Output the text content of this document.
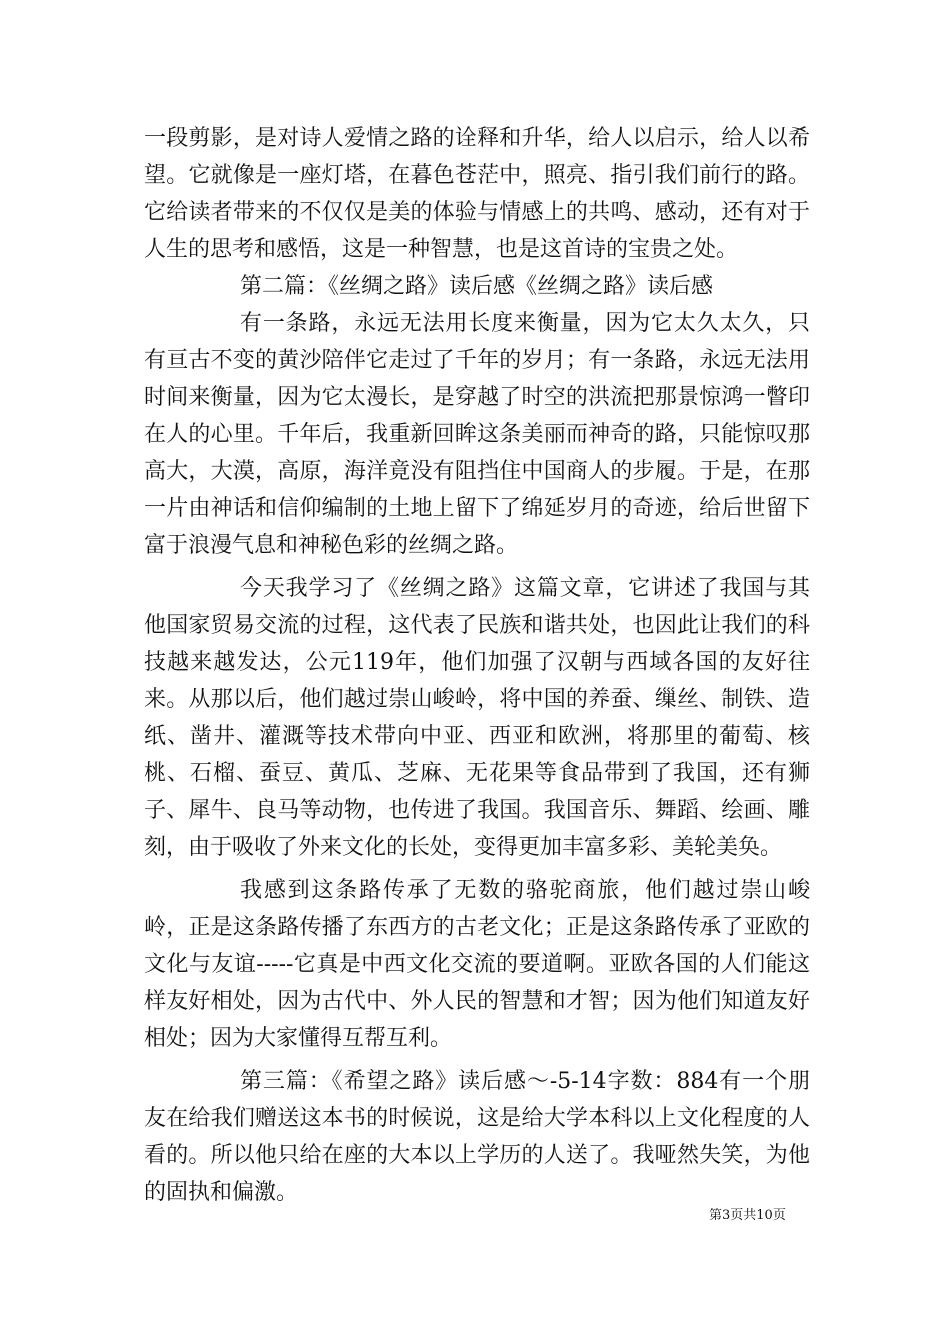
一段剪影，是对诗人爱情之路的诠释和升华，给人以启示，给人以希望。它就像是一座灯塔，在暮色苍茫中，照亮、指引我们前行的路。它给读者带来的不仅仅是美的体验与情感上的共鸣、感动，还有对于人生的思考和感悟，这是一种智慧，也是这首诗的宝贵之处。

第二篇：《丝绸之路》读后感《丝绸之路》读后感

有一条路，永远无法用长度来衡量，因为它太久太久，只有亘古不变的黄沙陪伴它走过了千年的岁月；有一条路，永远无法用时间来衡量，因为它太漫长，是穿越了时空的洪流把那景惊鸿一瞥印在人的心里。千年后，我重新回眸这条美丽而神奇的路，只能惊叹那高大，大漠，高原，海洋竟没有阻挡住中国商人的步履。于是，在那一片由神话和信仰编制的土地上留下了绵延岁月的奇迹，给后世留下富于浪漫气息和神秘色彩的丝绸之路。

今天我学习了《丝绸之路》这篇文章，它讲述了我国与其他国家贸易交流的过程，这代表了民族和谐共处，也因此让我们的科技越来越发达，公元119年，他们加强了汉朝与西域各国的友好往来。从那以后，他们越过崇山峻岭，将中国的养蚕、缫丝、制铁、造纸、凿井、灌溉等技术带向中亚、西亚和欧洲，将那里的葡萄、核桃、石榴、蚕豆、黄瓜、芝麻、无花果等食品带到了我国，还有狮子、犀牛、良马等动物，也传进了我国。我国音乐、舞蹈、绘画、雕刻，由于吸收了外来文化的长处，变得更加丰富多彩、美轮美奂。

我感到这条路传承了无数的骆驼商旅，他们越过崇山峻岭，正是这条路传播了东西方的古老文化；正是这条路传承了亚欧的文化与友谊-----它真是中西文化交流的要道啊。亚欧各国的人们能这样友好相处，因为古代中、外人民的智慧和才智；因为他们知道友好相处；因为大家懂得互帮互利。

第三篇：《希望之路》读后感～-5-14字数：884有一个朋友在给我们赠送这本书的时候说，这是给大学本科以上文化程度的人看的。所以他只给在座的大本以上学历的人送了。我哑然失笑，为他的固执和偏激。

第3页共10页
